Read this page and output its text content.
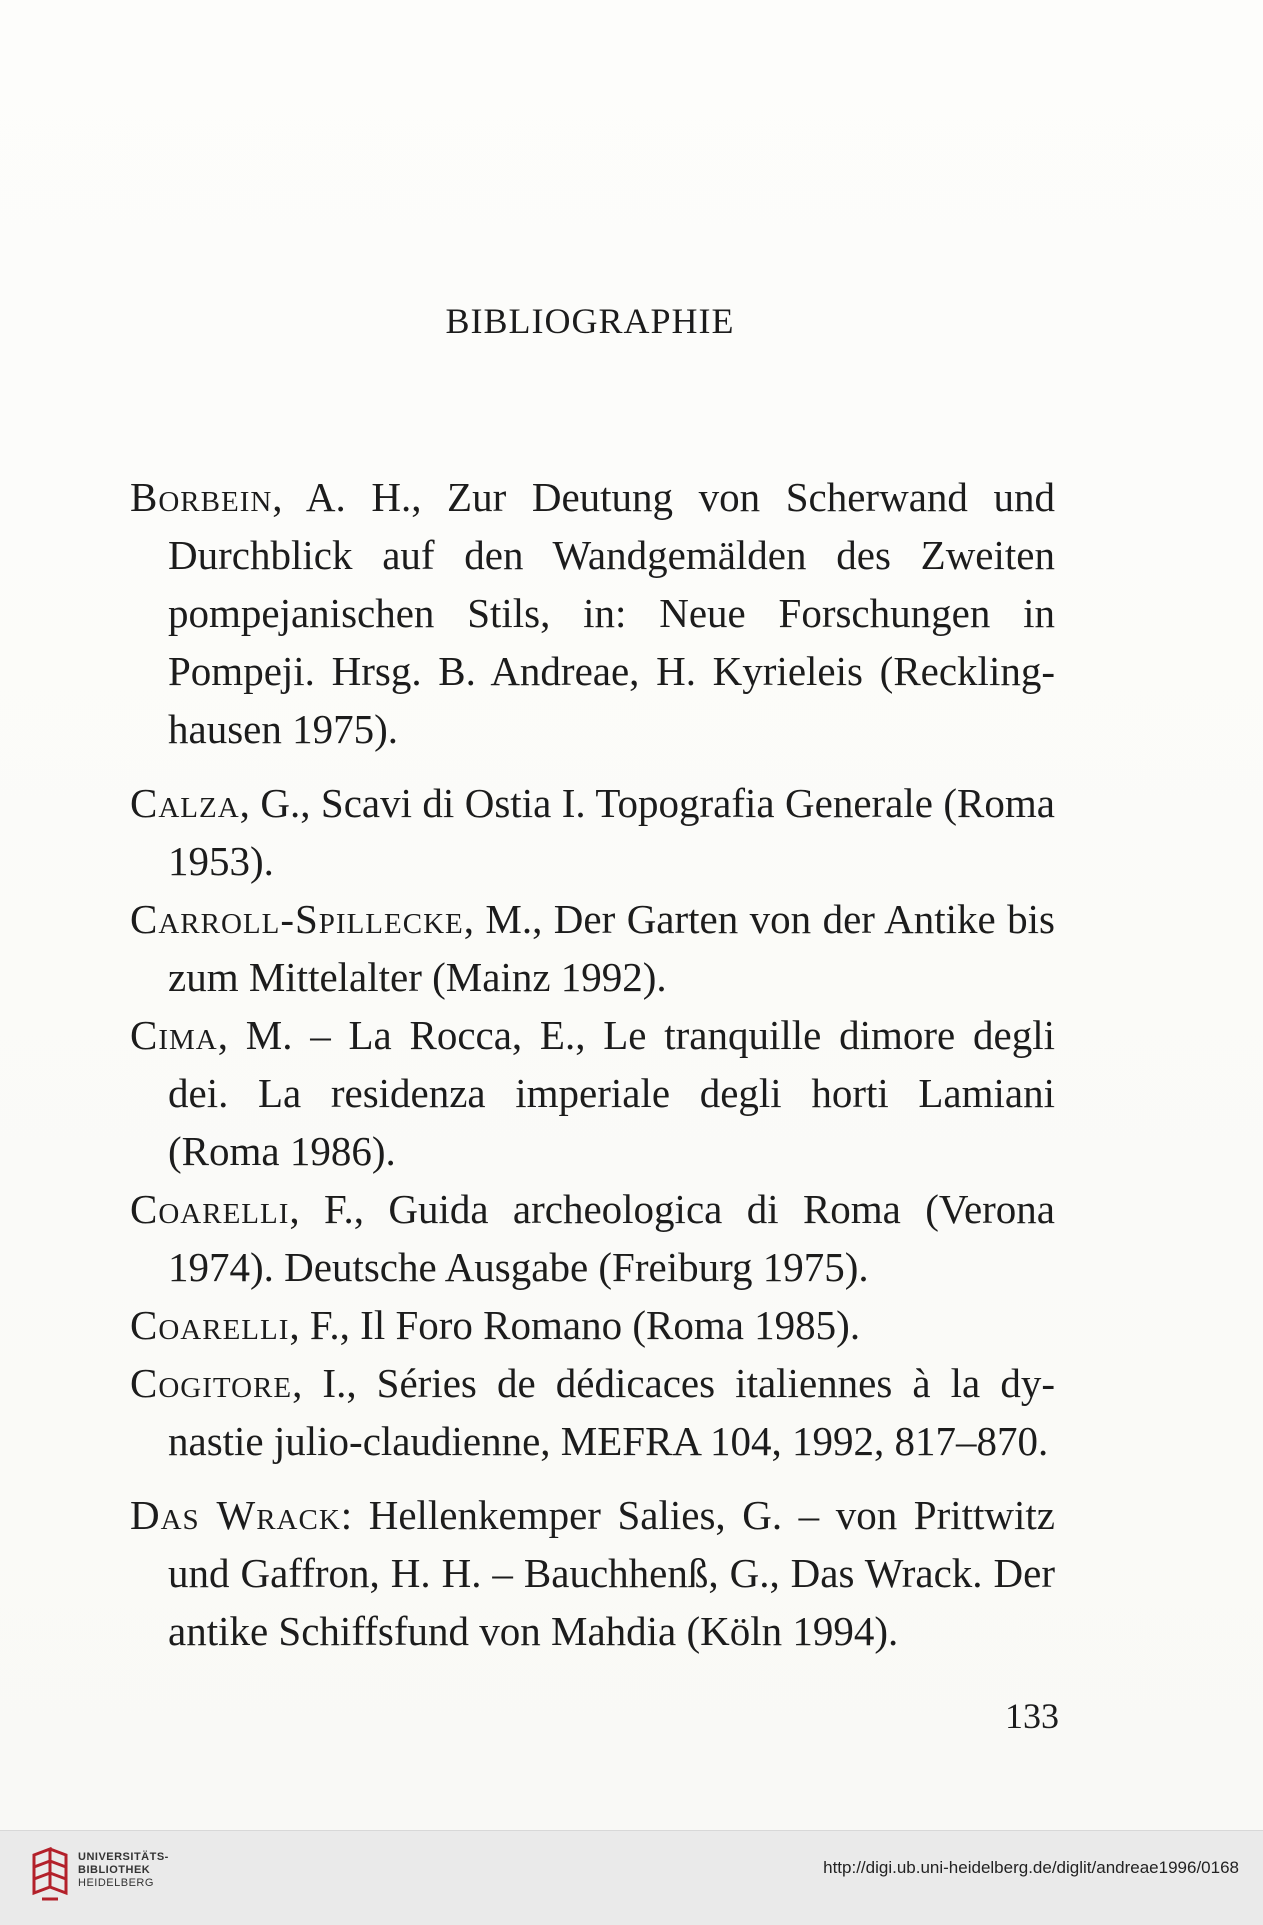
BIBLIOGRAPHIE

Borbein, A. H., Zur Deutung von Scherwand und Durchblick auf den Wandgemälden des Zweiten pompejanischen Stils, in: Neue Forschungen in Pompeji. Hrsg. B. Andreae, H. Kyrieleis (Reckling-hausen 1975).

Calza, G., Scavi di Ostia I. Topografia Generale (Roma 1953).

Carroll-Spillecke, M., Der Garten von der Antike bis zum Mittelalter (Mainz 1992).

Cima, M. – La Rocca, E., Le tranquille dimore degli dei. La residenza imperiale degli horti Lamiani (Roma 1986).

Coarelli, F., Guida archeologica di Roma (Verona 1974). Deutsche Ausgabe (Freiburg 1975).

Coarelli, F., Il Foro Romano (Roma 1985).

Cogitore, I., Séries de dédicaces italiennes à la dy-nastie julio-claudienne, MEFRA 104, 1992, 817–870.

Das Wrack: Hellenkemper Salies, G. – von Prittwitz und Gaffron, H. H. – Bauchhenß, G., Das Wrack. Der antike Schiffsfund von Mahdia (Köln 1994).

133
UNIVERSITÄTS-
BIBLIOTHEK
HEIDELBERG
http://digi.ub.uni-heidelberg.de/diglit/andreae1996/0168
